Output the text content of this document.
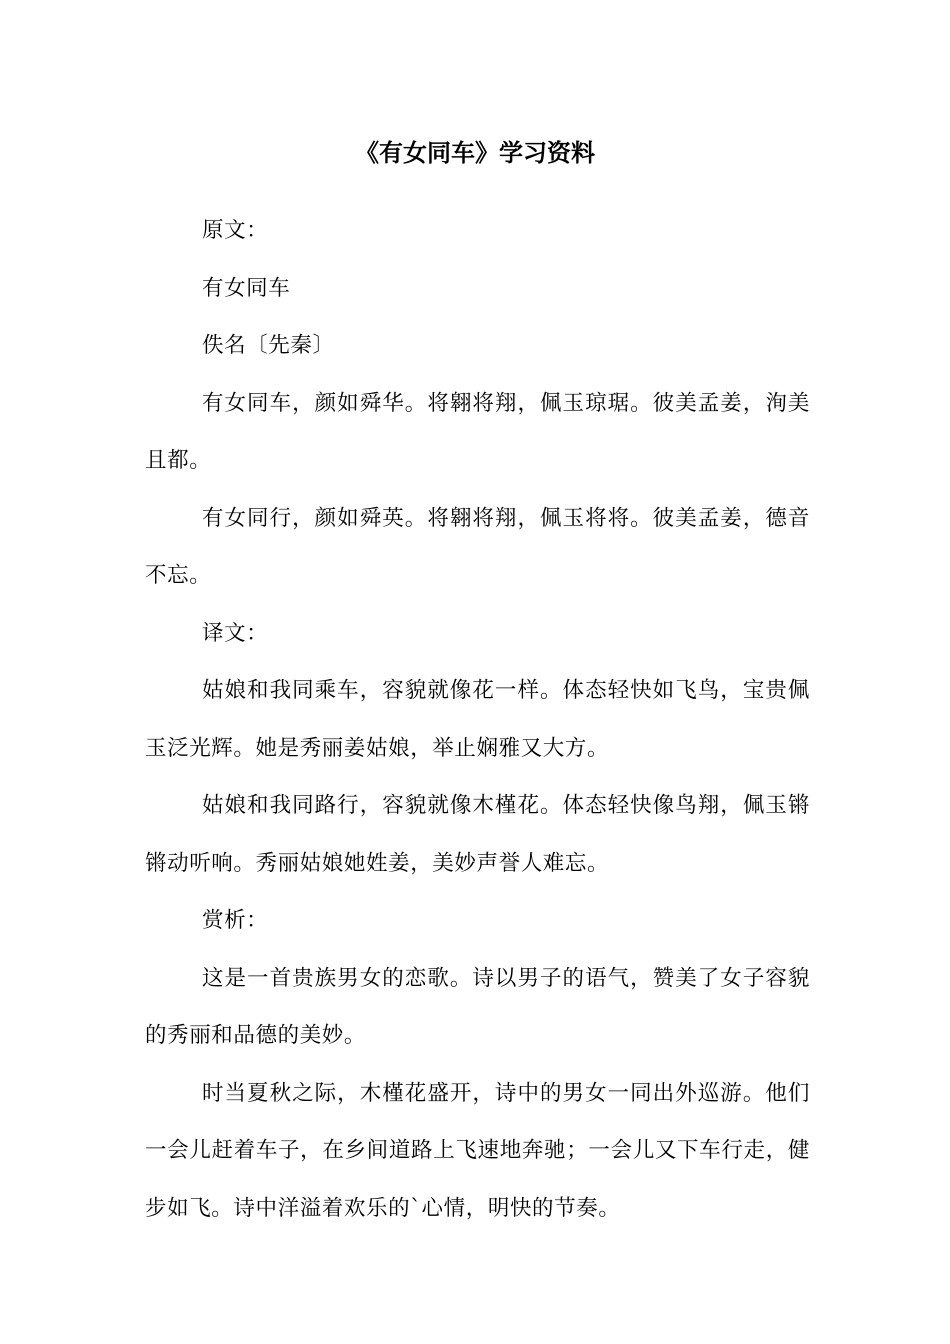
《有女同车》学习资料

原文：

有女同车

佚名〔先秦〕

有女同车，颜如舜华。将翱将翔，佩玉琼琚。彼美孟姜，洵美且都。

有女同行，颜如舜英。将翱将翔，佩玉将将。彼美孟姜，德音不忘。

译文：

姑娘和我同乘车，容貌就像花一样。体态轻快如飞鸟，宝贵佩玉泛光辉。她是秀丽姜姑娘，举止娴雅又大方。

姑娘和我同路行，容貌就像木槿花。体态轻快像鸟翔，佩玉锵锵动听响。秀丽姑娘她姓姜，美妙声誉人难忘。

赏析：

这是一首贵族男女的恋歌。诗以男子的语气，赞美了女子容貌的秀丽和品德的美妙。

时当夏秋之际，木槿花盛开，诗中的男女一同出外巡游。他们一会儿赶着车子，在乡间道路上飞速地奔驰；一会儿又下车行走，健步如飞。诗中洋溢着欢乐的`心情，明快的节奏。
